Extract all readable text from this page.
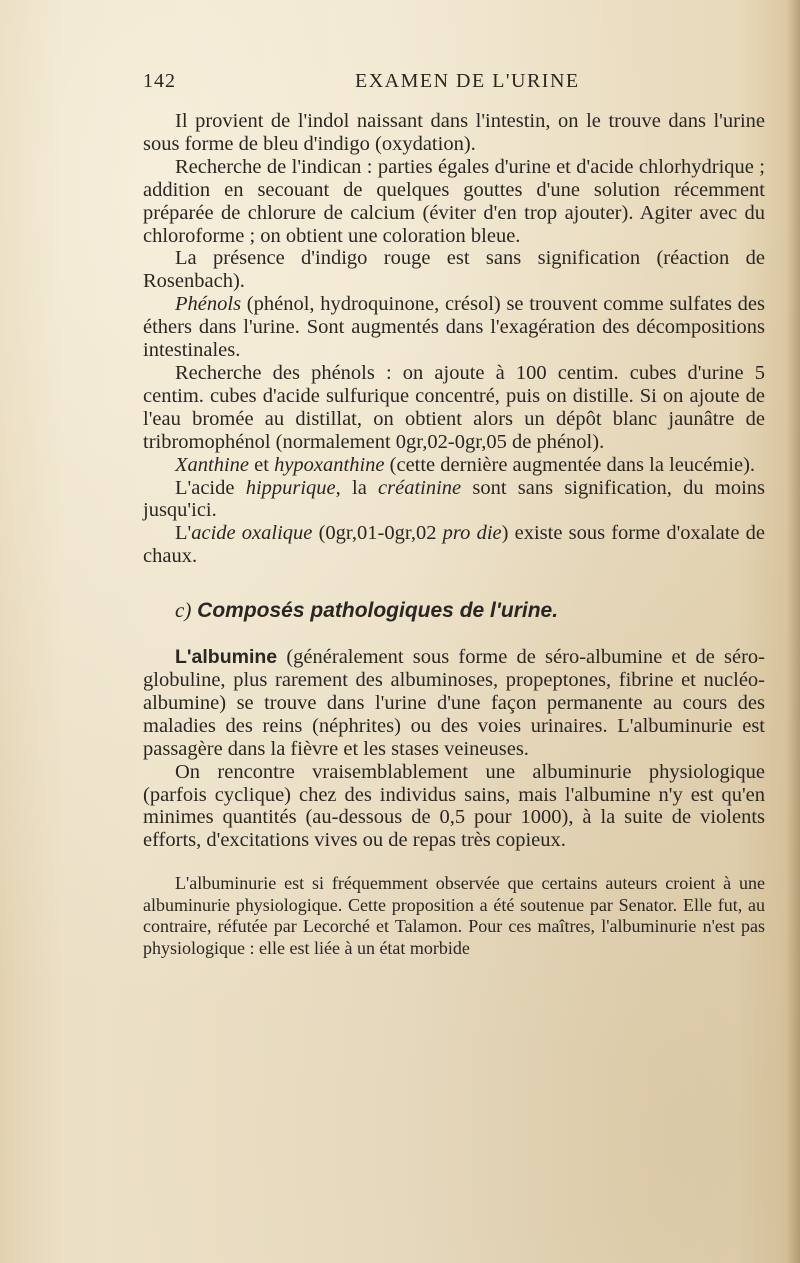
142	EXAMEN DE L'URINE

Il provient de l'indol naissant dans l'intestin, on le trouve dans l'urine sous forme de bleu d'indigo (oxydation).

Recherche de l'indican : parties égales d'urine et d'acide chlorhydrique ; addition en secouant de quelques gouttes d'une solution récemment préparée de chlorure de calcium (éviter d'en trop ajouter). Agiter avec du chloroforme ; on obtient une coloration bleue.

La présence d'indigo rouge est sans signification (réaction de Rosenbach).

Phénols (phénol, hydroquinone, crésol) se trouvent comme sulfates des éthers dans l'urine. Sont augmentés dans l'exagération des décompositions intestinales.

Recherche des phénols : on ajoute à 100 centim. cubes d'urine 5 centim. cubes d'acide sulfurique concentré, puis on distille. Si on ajoute de l'eau bromée au distillat, on obtient alors un dépôt blanc jaunâtre de tribromophénol (normalement 0gr,02-0gr,05 de phénol).

Xanthine et hypoxanthine (cette dernière augmentée dans la leucémie).

L'acide hippurique, la créatinine sont sans signification, du moins jusqu'ici.

L'acide oxalique (0gr,01-0gr,02 pro die) existe sous forme d'oxalate de chaux.

c) Composés pathologiques de l'urine.

L'albumine (généralement sous forme de séro-albumine et de séro-globuline, plus rarement des albuminoses, propeptones, fibrine et nucléo-albumine) se trouve dans l'urine d'une façon permanente au cours des maladies des reins (néphrites) ou des voies urinaires. L'albuminurie est passagère dans la fièvre et les stases veineuses.

On rencontre vraisemblablement une albuminurie physiologique (parfois cyclique) chez des individus sains, mais l'albumine n'y est qu'en minimes quantités (au-dessous de 0,5 pour 1000), à la suite de violents efforts, d'excitations vives ou de repas très copieux.

L'albuminurie est si fréquemment observée que certains auteurs croient à une albuminurie physiologique. Cette proposition a été soutenue par Senator. Elle fut, au contraire, réfutée par Lecorché et Talamon. Pour ces maîtres, l'albuminurie n'est pas physiologique : elle est liée à un état morbide
